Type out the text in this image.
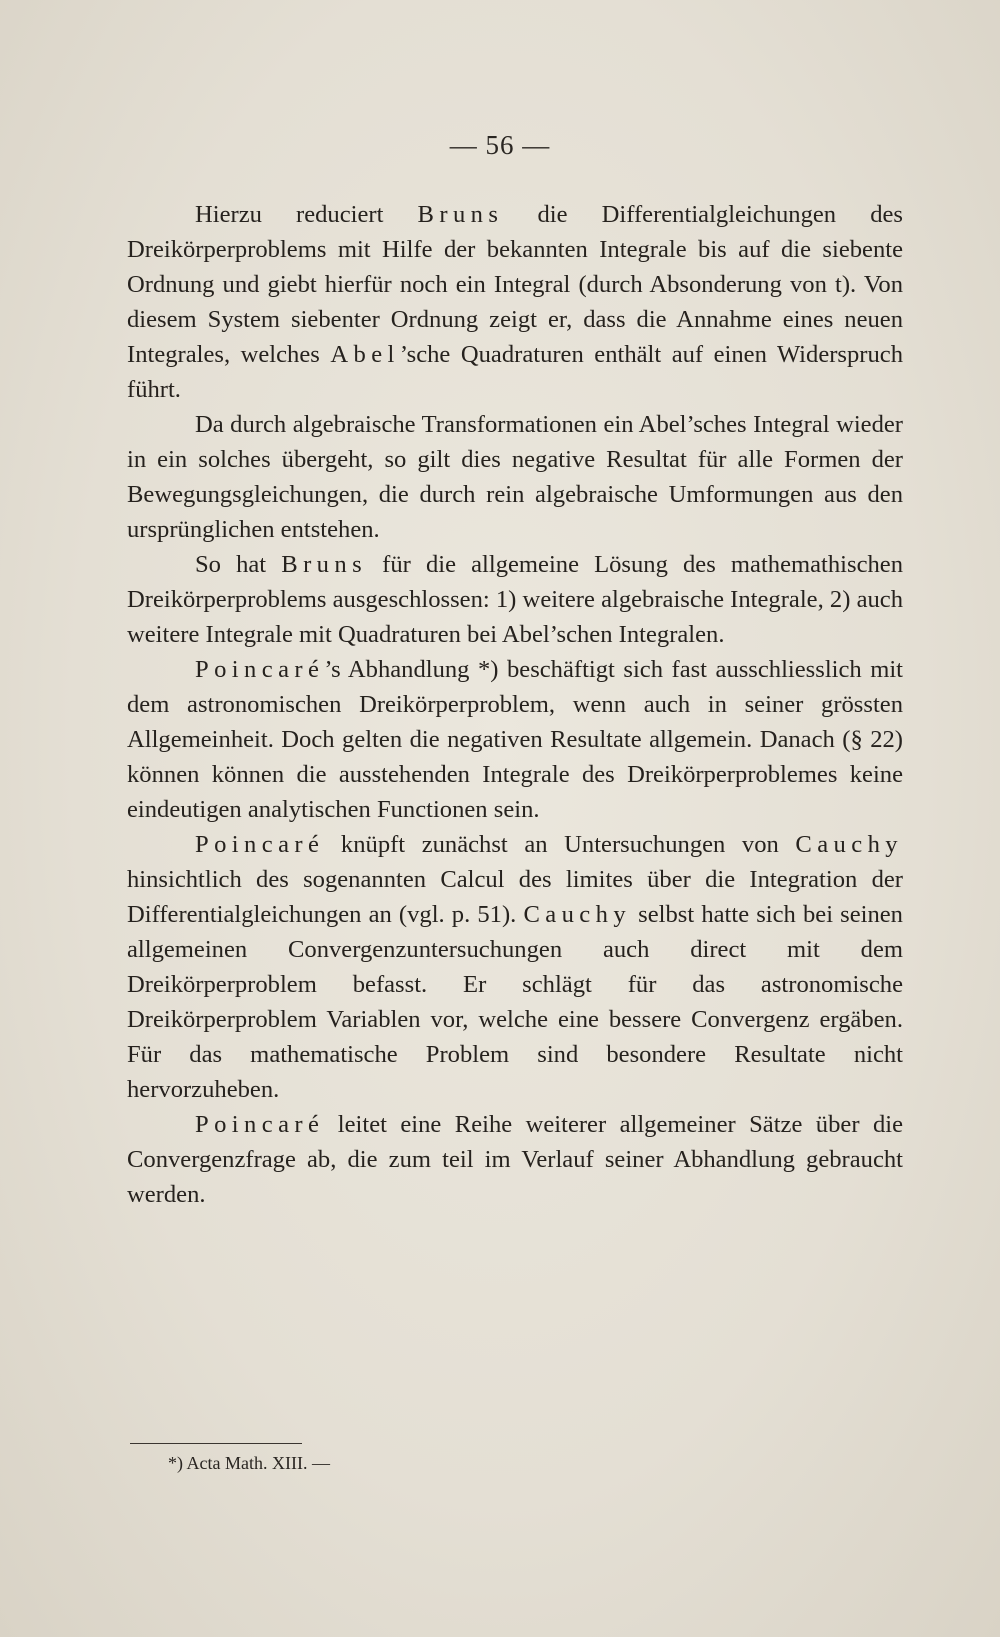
— 56 —

Hierzu reduciert Bruns die Differentialgleichungen des Dreikörperproblems mit Hilfe der bekannten Integrale bis auf die siebente Ordnung und giebt hierfür noch ein Integral (durch Absonderung von t). Von diesem System siebenter Ordnung zeigt er, dass die Annahme eines neuen Integrales, welches Abel’sche Quadraturen enthält auf einen Widerspruch führt.

Da durch algebraische Transformationen ein Abel’sches Integral wieder in ein solches übergeht, so gilt dies negative Resultat für alle Formen der Bewegungsgleichungen, die durch rein algebraische Umformungen aus den ursprünglichen entstehen.

So hat Bruns für die allgemeine Lösung des mathemathischen Dreikörperproblems ausgeschlossen: 1) weitere algebraische Integrale, 2) auch weitere Integrale mit Quadraturen bei Abel’schen Integralen.

Poincaré’s Abhandlung *) beschäftigt sich fast ausschliesslich mit dem astronomischen Dreikörperproblem, wenn auch in seiner grössten Allgemeinheit. Doch gelten die negativen Resultate allgemein. Danach (§ 22) können können die ausstehenden Integrale des Dreikörperproblemes keine eindeutigen analytischen Functionen sein.

Poincaré knüpft zunächst an Untersuchungen von Cauchy hinsichtlich des sogenannten Calcul des limites über die Integration der Differentialgleichungen an (vgl. p. 51). Cauchy selbst hatte sich bei seinen allgemeinen Convergenzuntersuchungen auch direct mit dem Dreikörperproblem befasst. Er schlägt für das astronomische Dreikörperproblem Variablen vor, welche eine bessere Convergenz ergäben. Für das mathematische Problem sind besondere Resultate nicht hervorzuheben.

Poincaré leitet eine Reihe weiterer allgemeiner Sätze über die Convergenzfrage ab, die zum teil im Verlauf seiner Abhandlung gebraucht werden.

*) Acta Math. XIII. —
